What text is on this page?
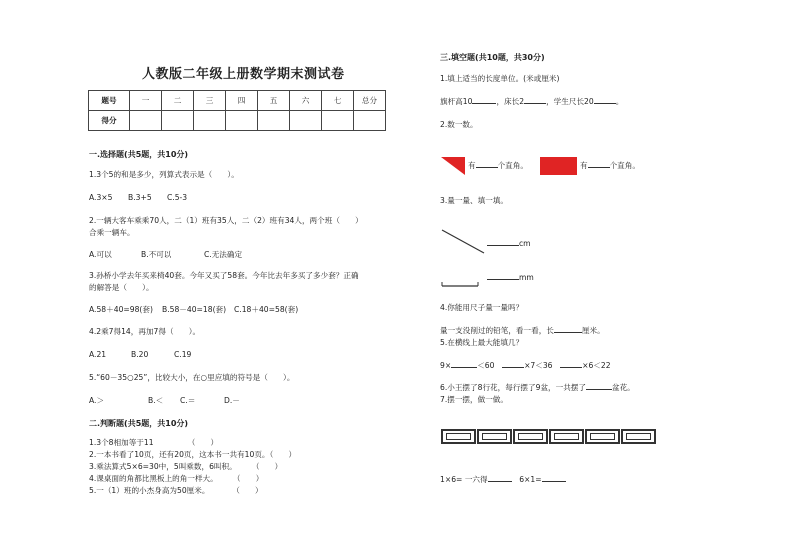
人教版二年级上册数学期末测试卷
题号	一	二	三	四	五	六	七	总分
得分								
一.选择题(共5题，共10分)
1.3个5的和是多少，列算式表示是（　　）。
A.3×5 B.3+5 C.5-3
2.一辆大客车乘乘70人，二（1）班有35人，二（2）班有34人，两个班（　　）
合乘一辆车。
A.可以	B.不可以	C.无法确定
3.孙桥小学去年买来椅40套。今年又买了58套。今年比去年多买了多少套？正确
的解答是（　　）。
A.58＋40=98(套) B.58－40=18(套) C.18＋40=58(套)
4.2乘7得14，再加7得（　　）。
A.21	B.20	C.19
5.“60－35○25”，比较大小，在○里应填的符号是（　　）。
A.＞	B.＜ C.＝	D.－
二.判断题(共5题，共10分)
1.3个8相加等于11　　　　　（　　）
2.一本书看了10页，还有20页，这本书一共有10页。（　　）
3.乘法算式5×6=30中，5叫乘数，6叫积。　　　（　　）
4.课桌面的角都比黑板上的角一样大。　　　（　　）
5.一（1）班的小杰身高为50厘米。　　　　（　　）
三.填空题(共10题，共30分)
1.填上适当的长度单位。(米或厘米)
旗杆高10	，床长2	，学生尺长20	。
2.数一数。
有	个直角。	有	个直角。
3.量一量、填一填。
cm
mm
4.你能用尺子量一量吗？
量一支没削过的铅笔，看一看，长	厘米。
5.在横线上最大能填几？
9×	＜60　	×7＜36　	×6＜22
6.小王摆了8行花，每行摆了9盆，一共摆了	盆花。
7.摆一摆，做一做。
1×6= 一六得　	6×1=
